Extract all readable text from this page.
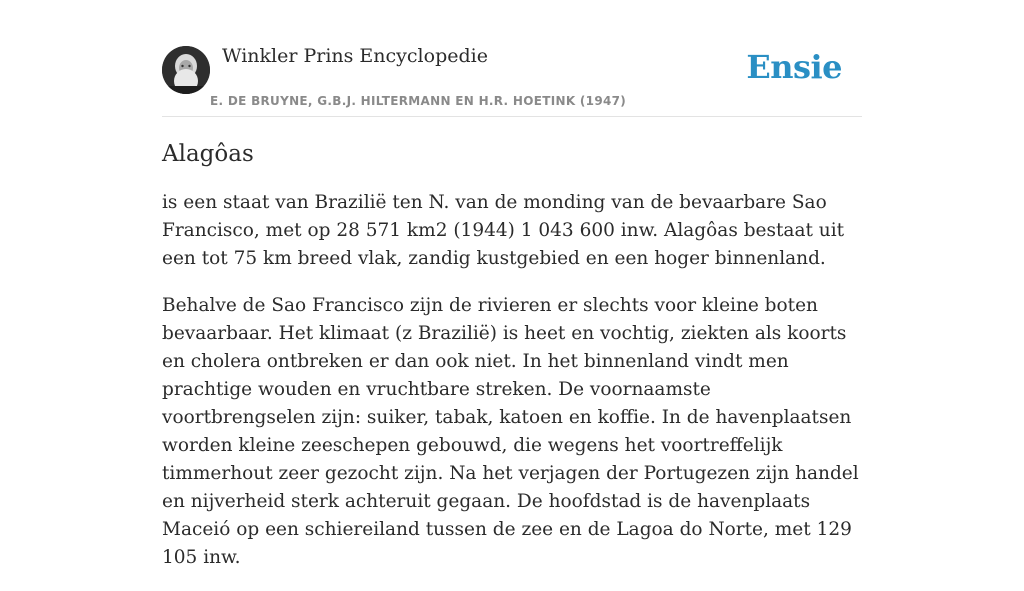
Winkler Prins Encyclopedie
E. DE BRUYNE, G.B.J. HILTERMANN EN H.R. HOETINK (1947)
Ensie
Alagôas

is een staat van Brazilië ten N. van de monding van de bevaarbare Sao Francisco, met op 28 571 km2 (1944) 1 043 600 inw. Alagôas bestaat uit een tot 75 km breed vlak, zandig kustgebied en een hoger binnenland.

Behalve de Sao Francisco zijn de rivieren er slechts voor kleine boten bevaarbaar. Het klimaat (z Brazilië) is heet en vochtig, ziekten als koorts en cholera ontbreken er dan ook niet. In het binnenland vindt men prachtige wouden en vruchtbare streken. De voornaamste voortbrengselen zijn: suiker, tabak, katoen en koffie. In de havenplaatsen worden kleine zeeschepen gebouwd, die wegens het voortreffelijk timmerhout zeer gezocht zijn. Na het verjagen der Portugezen zijn handel en nijverheid sterk achteruit gegaan. De hoofdstad is de havenplaats Maceió op een schiereiland tussen de zee en de Lagoa do Norte, met 129 105 inw.
